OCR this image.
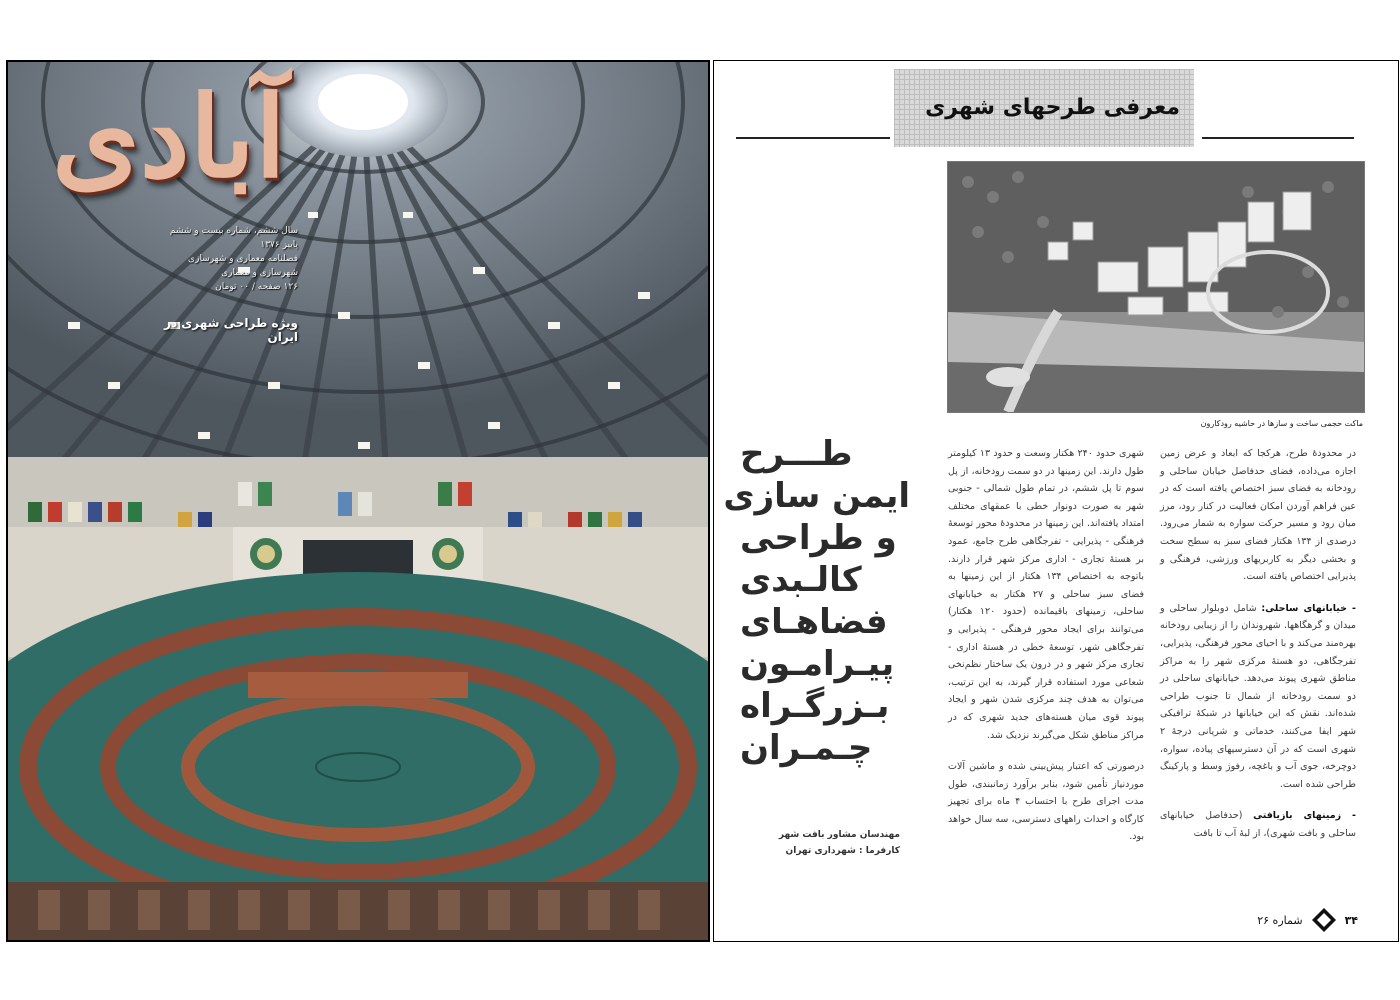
آبادی
سال ششم، شماره بیست و ششم
پاییز ۱۳۷۶
فصلنامه معماری و شهرسازی
شهرسازی و معماری
۱۲۶ صفحه / ۰۰ تومان
ویژه طراحی شهری در ایران
معرفی طرحهای شهری
ماکت حجمی ساخت و سازها در حاشیه رودکارون
طـــرح
ایمن سازی
و طراحی
کالـبدی
فضاهـای
پیـرامـون
بـزرگـراه
چـمـران
مهندسان مشاور بافت شهر
کارفرما : شهرداری تهران

شهری حدود ۲۴۰ هکتار وسعت و حدود ۱۳ کیلومتر طول دارند. این زمینها در دو سمت رودخانه، از پل سوم تا پل ششم، در تمام طول شمالی - جنوبی شهر به صورت دونوار خطی با عمقهای مختلف امتداد یافته‌اند. این زمینها در محدودهٔ محور توسعهٔ فرهنگی - پذیرایی - تفرجگاهی طرح جامع، عمود بر هستهٔ تجاری - اداری مرکز شهر قرار دارند. باتوجه به اختصاص ۱۳۴ هکتار از این زمینها به فضای سبز ساحلی و ۲۷ هکتار به خیابانهای ساحلی، زمینهای باقیمانده (حدود ۱۲۰ هکتار) می‌توانند برای ایجاد محور فرهنگی - پذیرایی و تفرجگاهی شهر، توسعهٔ خطی در هستهٔ اداری - تجاری مرکز شهر و در درون یک ساختار نظم‌نخی شعاعی مورد استفاده قرار گیرند، به این ترتیب، می‌توان به هدف چند مرکزی شدن شهر و ایجاد پیوند قوی میان هسته‌های جدید شهری که در مراکز مناطق شکل می‌گیرند نزدیک شد.

درصورتی که اعتبار پیش‌بینی شده و ماشین آلات موردنیاز تأمین شود، بنابر برآورد زمانبندی، طول مدت اجرای طرح با احتساب ۴ ماه برای تجهیز کارگاه و احداث راههای دسترسی، سه سال خواهد بود.

در محدودهٔ طرح، هرکجا که ابعاد و عرض زمین اجازه می‌داده، فضای حدفاصل خیابان ساحلی و رودخانه به فضای سبز اختصاص یافته است که در عین فراهم آوردن امکان فعالیت در کنار رود، مرز میان رود و مسیر حرکت سواره به شمار می‌رود. درصدی از ۱۳۴ هکتار فضای سبز به سطح سخت و بخشی دیگر به کاربریهای ورزشی، فرهنگی و پذیرایی اختصاص یافته است.

- خیابانهای ساحلی: شامل دوبلوار ساحلی و میدان و گرهگاهها. شهروندان را از زیبایی رودخانه بهره‌مند می‌کند و با احیای محور فرهنگی، پذیرایی، تفرجگاهی، دو هستهٔ مرکزی شهر را به مراکز مناطق شهری پیوند می‌دهد. خیابانهای ساحلی در دو سمت رودخانه از شمال تا جنوب طراحی شده‌اند. نقش که این خیابانها در شبکهٔ ترافیکی شهر ایفا می‌کنند، خدماتی و شریانی درجهٔ ۲ شهری است که در آن دسترسیهای پیاده، سواره، دوچرخه، جوی آب و باغچه، رفوژ وسط و پارکینگ طراحی شده است.

- زمینهای بازیافتی (حدفاصل خیابانهای ساحلی و بافت شهری)، از لبهٔ آب تا بافت

۳۴
شماره ۲۶
